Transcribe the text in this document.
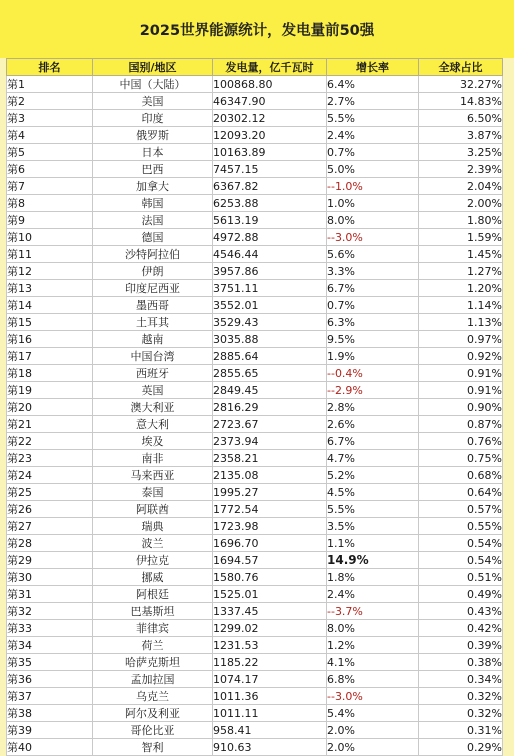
2025世界能源统计，发电量前50强
排名	国别/地区	发电量，亿千瓦时	增长率	全球占比
第1	中国（大陆）	100868.80	6.4%	32.27%
第2	美国	46347.90	2.7%	14.83%
第3	印度	20302.12	5.5%	6.50%
第4	俄罗斯	12093.20	2.4%	3.87%
第5	日本	10163.89	0.7%	3.25%
第6	巴西	7457.15	5.0%	2.39%
第7	加拿大	6367.82	--1.0%	2.04%
第8	韩国	6253.88	1.0%	2.00%
第9	法国	5613.19	8.0%	1.80%
第10	德国	4972.88	--3.0%	1.59%
第11	沙特阿拉伯	4546.44	5.6%	1.45%
第12	伊朗	3957.86	3.3%	1.27%
第13	印度尼西亚	3751.11	6.7%	1.20%
第14	墨西哥	3552.01	0.7%	1.14%
第15	土耳其	3529.43	6.3%	1.13%
第16	越南	3035.88	9.5%	0.97%
第17	中国台湾	2885.64	1.9%	0.92%
第18	西班牙	2855.65	--0.4%	0.91%
第19	英国	2849.45	--2.9%	0.91%
第20	澳大利亚	2816.29	2.8%	0.90%
第21	意大利	2723.67	2.6%	0.87%
第22	埃及	2373.94	6.7%	0.76%
第23	南非	2358.21	4.7%	0.75%
第24	马来西亚	2135.08	5.2%	0.68%
第25	泰国	1995.27	4.5%	0.64%
第26	阿联酋	1772.54	5.5%	0.57%
第27	瑞典	1723.98	3.5%	0.55%
第28	波兰	1696.70	1.1%	0.54%
第29	伊拉克	1694.57	14.9%	0.54%
第30	挪威	1580.76	1.8%	0.51%
第31	阿根廷	1525.01	2.4%	0.49%
第32	巴基斯坦	1337.45	--3.7%	0.43%
第33	菲律宾	1299.02	8.0%	0.42%
第34	荷兰	1231.53	1.2%	0.39%
第35	哈萨克斯坦	1185.22	4.1%	0.38%
第36	孟加拉国	1074.17	6.8%	0.34%
第37	乌克兰	1011.36	--3.0%	0.32%
第38	阿尔及利亚	1011.11	5.4%	0.32%
第39	哥伦比亚	958.41	2.0%	0.31%
第40	智利	910.63	2.0%	0.29%
